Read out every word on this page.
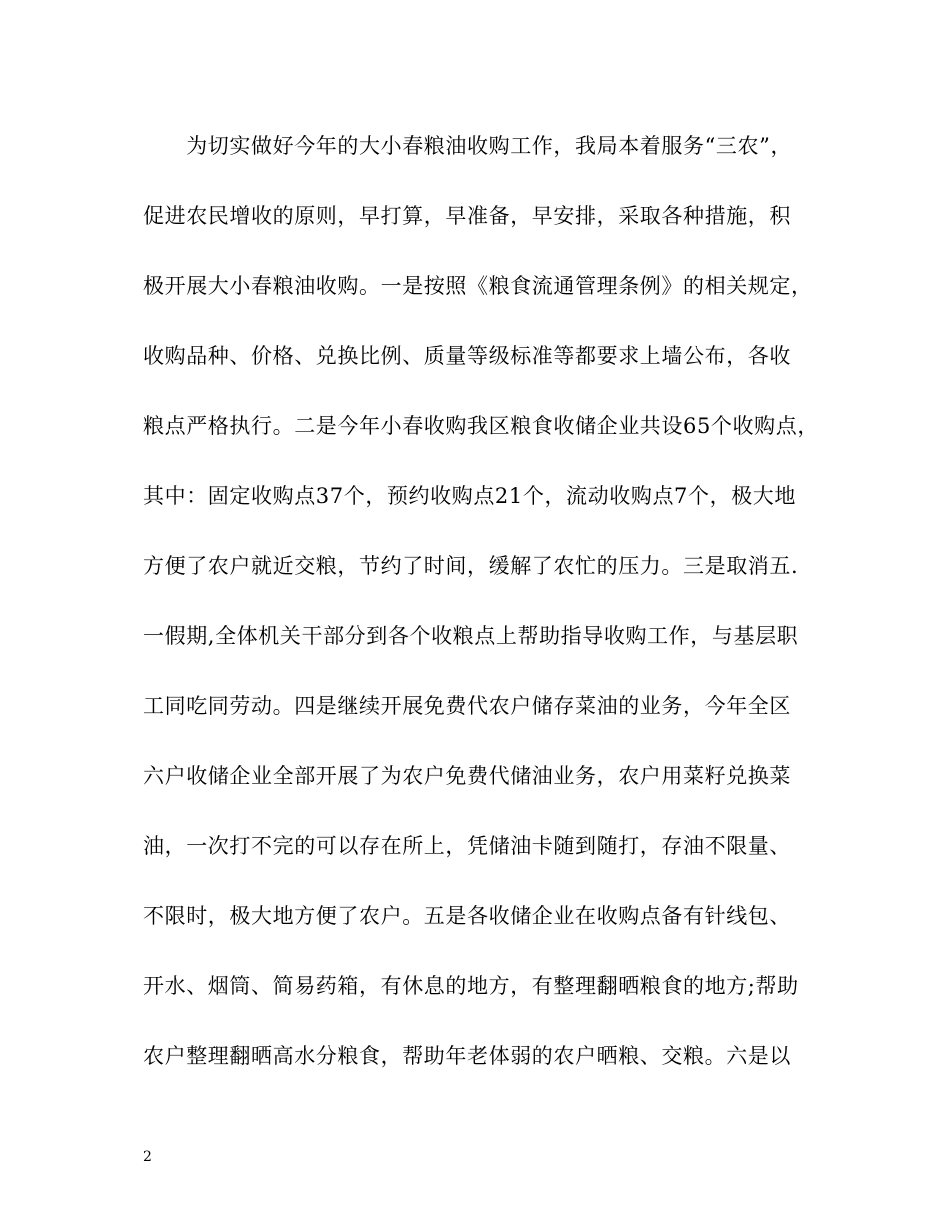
　　为切实做好今年的大小春粮油收购工作，我局本着服务“三农”，
促进农民增收的原则，早打算，早准备，早安排，采取各种措施，积
极开展大小春粮油收购。一是按照《粮食流通管理条例》的相关规定，
收购品种、价格、兑换比例、质量等级标准等都要求上墙公布，各收
粮点严格执行。二是今年小春收购我区粮食收储企业共设65个收购点，
其中：固定收购点37个，预约收购点21个，流动收购点7个，极大地
方便了农户就近交粮，节约了时间，缓解了农忙的压力。三是取消五.
一假期,全体机关干部分到各个收粮点上帮助指导收购工作，与基层职
工同吃同劳动。四是继续开展免费代农户储存菜油的业务，今年全区
六户收储企业全部开展了为农户免费代储油业务，农户用菜籽兑换菜
油，一次打不完的可以存在所上，凭储油卡随到随打，存油不限量、
不限时，极大地方便了农户。五是各收储企业在收购点备有针线包、
开水、烟筒、简易药箱，有休息的地方，有整理翻晒粮食的地方;帮助
农户整理翻晒高水分粮食，帮助年老体弱的农户晒粮、交粮。六是以
2
